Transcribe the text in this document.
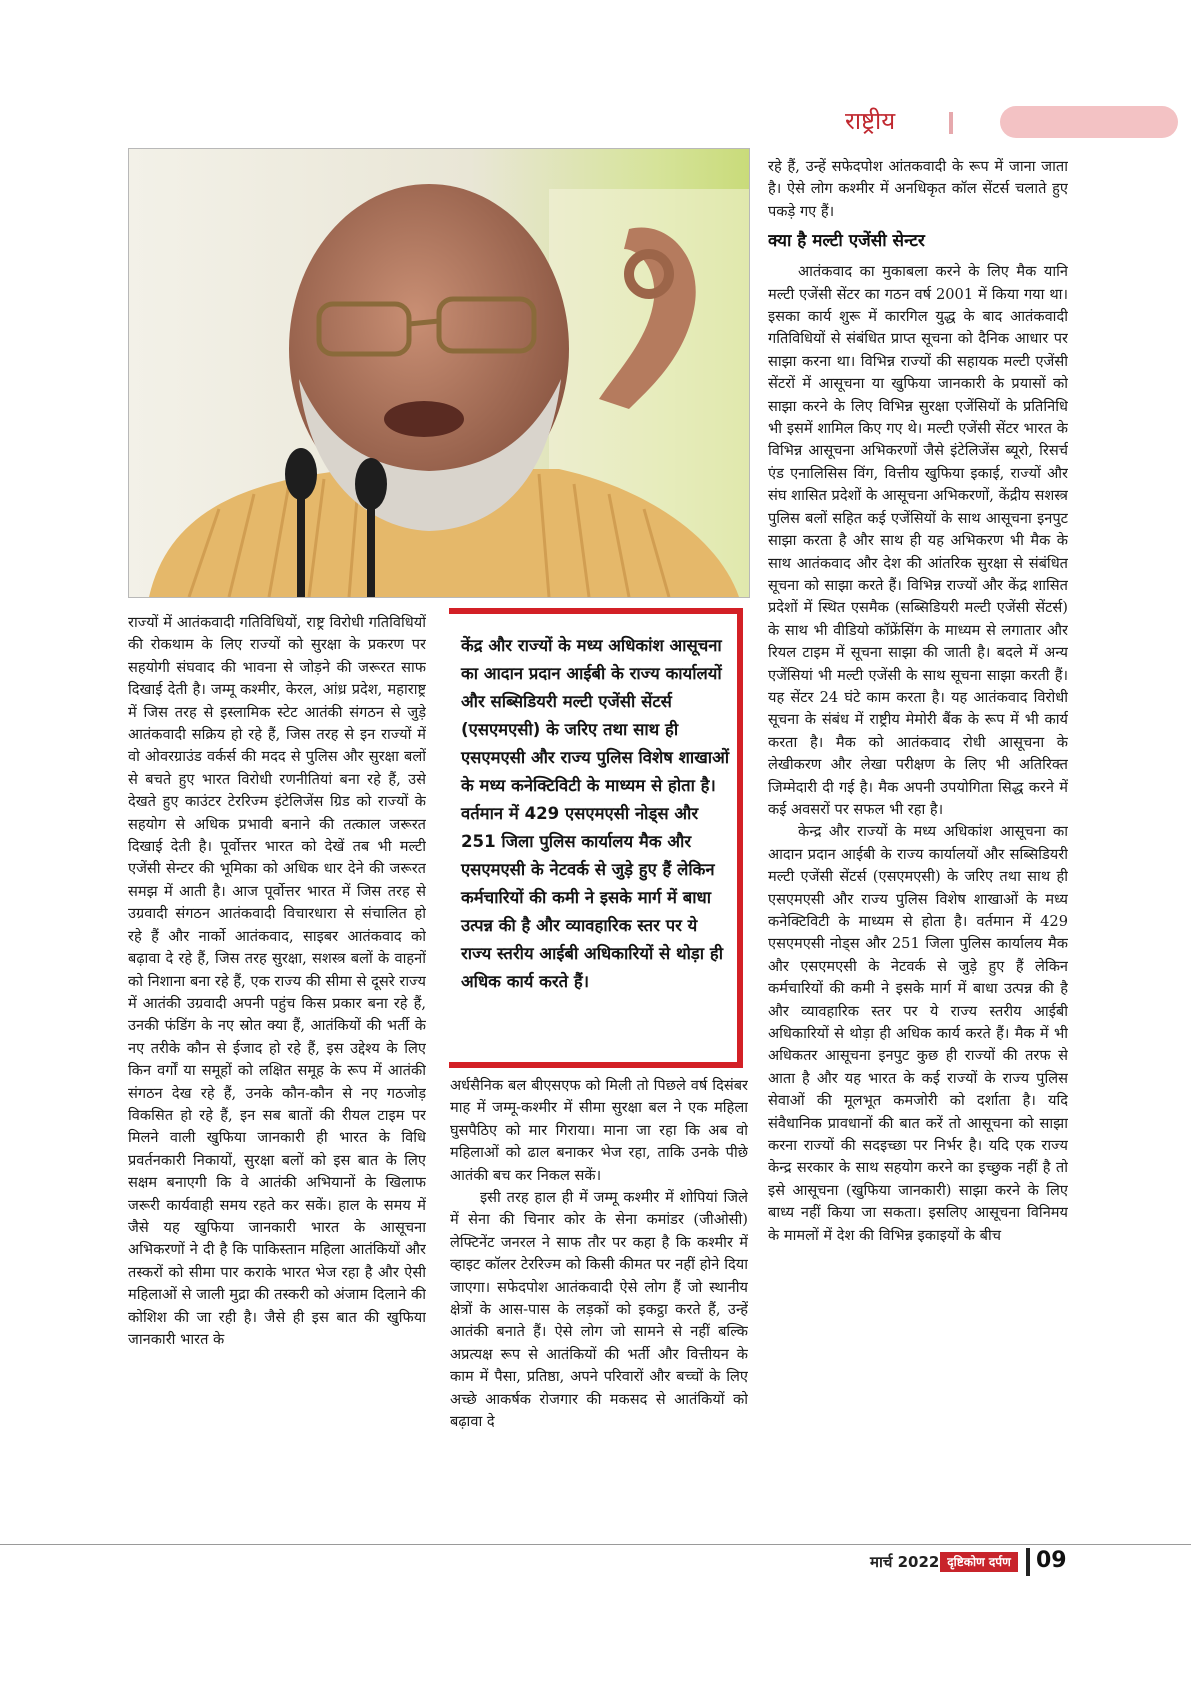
राष्ट्रीय

राज्यों में आतंकवादी गतिविधियों, राष्ट्र विरोधी गतिविधियों की रोकथाम के लिए राज्यों को सुरक्षा के प्रकरण पर सहयोगी संघवाद की भावना से जोड़ने की जरूरत साफ दिखाई देती है। जम्मू कश्मीर, केरल, आंध्र प्रदेश, महाराष्ट्र में जिस तरह से इस्लामिक स्टेट आतंकी संगठन से जुड़े आतंकवादी सक्रिय हो रहे हैं, जिस तरह से इन राज्यों में वो ओवरग्राउंड वर्कर्स की मदद से पुलिस और सुरक्षा बलों से बचते हुए भारत विरोधी रणनीतियां बना रहे हैं, उसे देखते हुए काउंटर टेररिज्म इंटेलिजेंस ग्रिड को राज्यों के सहयोग से अधिक प्रभावी बनाने की तत्काल जरूरत दिखाई देती है। पूर्वोत्तर भारत को देखें तब भी मल्टी एजेंसी सेन्टर की भूमिका को अधिक धार देने की जरूरत समझ में आती है। आज पूर्वोत्तर भारत में जिस तरह से उग्रवादी संगठन आतंकवादी विचारधारा से संचालित हो रहे हैं और नार्को आतंकवाद, साइबर आतंकवाद को बढ़ावा दे रहे हैं, जिस तरह सुरक्षा, सशस्त्र बलों के वाहनों को निशाना बना रहे हैं, एक राज्य की सीमा से दूसरे राज्य में आतंकी उग्रवादी अपनी पहुंच किस प्रकार बना रहे हैं, उनकी फंडिंग के नए स्रोत क्या हैं, आतंकियों की भर्ती के नए तरीके कौन से ईजाद हो रहे हैं, इस उद्देश्य के लिए किन वर्गों या समूहों को लक्षित समूह के रूप में आतंकी संगठन देख रहे हैं, उनके कौन-कौन से नए गठजोड़ विकसित हो रहे हैं, इन सब बातों की रीयल टाइम पर मिलने वाली खुफिया जानकारी ही भारत के विधि प्रवर्तनकारी निकायों, सुरक्षा बलों को इस बात के लिए सक्षम बनाएगी कि वे आतंकी अभियानों के खिलाफ जरूरी कार्यवाही समय रहते कर सकें। हाल के समय में जैसे यह खुफिया जानकारी भारत के आसूचना अभिकरणों ने दी है कि पाकिस्तान महिला आतंकियों और तस्करों को सीमा पार कराके भारत भेज रहा है और ऐसी महिलाओं से जाली मुद्रा की तस्करी को अंजाम दिलाने की कोशिश की जा रही है। जैसे ही इस बात की खुफिया जानकारी भारत के

केंद्र और राज्यों के मध्य अधिकांश आसूचना का आदान प्रदान आईबी के राज्य कार्यालयों और सब्सिडियरी मल्टी एजेंसी सेंटर्स (एसएमएसी) के जरिए तथा साथ ही एसएमएसी और राज्य पुलिस विशेष शाखाओं के मध्य कनेक्टिविटी के माध्यम से होता है। वर्तमान में 429 एसएमएसी नोड्स और 251 जिला पुलिस कार्यालय मैक और एसएमएसी के नेटवर्क से जुड़े हुए हैं लेकिन कर्मचारियों की कमी ने इसके मार्ग में बाधा उत्पन्न की है और व्यावहारिक स्तर पर ये राज्य स्तरीय आईबी अधिकारियों से थोड़ा ही अधिक कार्य करते हैं।

अर्धसैनिक बल बीएसएफ को मिली तो पिछले वर्ष दिसंबर माह में जम्मू-कश्मीर में सीमा सुरक्षा बल ने एक महिला घुसपैठिए को मार गिराया। माना जा रहा कि अब वो महिलाओं को ढाल बनाकर भेज रहा, ताकि उनके पीछे आतंकी बच कर निकल सकें।

इसी तरह हाल ही में जम्मू कश्मीर में शोपियां जिले में सेना की चिनार कोर के सेना कमांडर (जीओसी) लेफ्टिनेंट जनरल ने साफ तौर पर कहा है कि कश्मीर में व्हाइट कॉलर टेररिज्म को किसी कीमत पर नहीं होने दिया जाएगा। सफेदपोश आतंकवादी ऐसे लोग हैं जो स्थानीय क्षेत्रों के आस-पास के लड़कों को इकट्ठा करते हैं, उन्हें आतंकी बनाते हैं। ऐसे लोग जो सामने से नहीं बल्कि अप्रत्यक्ष रूप से आतंकियों की भर्ती और वित्तीयन के काम में पैसा, प्रतिष्ठा, अपने परिवारों और बच्चों के लिए अच्छे आकर्षक रोजगार की मकसद से आतंकियों को बढ़ावा दे

रहे हैं, उन्हें सफेदपोश आंतकवादी के रूप में जाना जाता है। ऐसे लोग कश्मीर में अनधिकृत कॉल सेंटर्स चलाते हुए पकड़े गए हैं।

क्या है मल्टी एजेंसी सेन्टर

आतंकवाद का मुकाबला करने के लिए मैक यानि मल्टी एजेंसी सेंटर का गठन वर्ष 2001 में किया गया था। इसका कार्य शुरू में कारगिल युद्ध के बाद आतंकवादी गतिविधियों से संबंधित प्राप्त सूचना को दैनिक आधार पर साझा करना था। विभिन्न राज्यों की सहायक मल्टी एजेंसी सेंटरों में आसूचना या खुफिया जानकारी के प्रयासों को साझा करने के लिए विभिन्न सुरक्षा एजेंसियों के प्रतिनिधि भी इसमें शामिल किए गए थे। मल्टी एजेंसी सेंटर भारत के विभिन्न आसूचना अभिकरणों जैसे इंटेलिजेंस ब्यूरो, रिसर्च एंड एनालिसिस विंग, वित्तीय खुफिया इकाई, राज्यों और संघ शासित प्रदेशों के आसूचना अभिकरणों, केंद्रीय सशस्त्र पुलिस बलों सहित कई एजेंसियों के साथ आसूचना इनपुट साझा करता है और साथ ही यह अभिकरण भी मैक के साथ आतंकवाद और देश की आंतरिक सुरक्षा से संबंधित सूचना को साझा करते हैं। विभिन्न राज्यों और केंद्र शासित प्रदेशों में स्थित एसमैक (सब्सिडियरी मल्टी एजेंसी सेंटर्स) के साथ भी वीडियो कॉफ्रेंसिंग के माध्यम से लगातार और रियल टाइम में सूचना साझा की जाती है। बदले में अन्य एजेंसियां भी मल्टी एजेंसी के साथ सूचना साझा करती हैं। यह सेंटर 24 घंटे काम करता है। यह आतंकवाद विरोधी सूचना के संबंध में राष्ट्रीय मेमोरी बैंक के रूप में भी कार्य करता है। मैक को आतंकवाद रोधी आसूचना के लेखीकरण और लेखा परीक्षण के लिए भी अतिरिक्त जिम्मेदारी दी गई है। मैक अपनी उपयोगिता सिद्ध करने में कई अवसरों पर सफल भी रहा है।

केन्द्र और राज्यों के मध्य अधिकांश आसूचना का आदान प्रदान आईबी के राज्य कार्यालयों और सब्सिडियरी मल्टी एजेंसी सेंटर्स (एसएमएसी) के जरिए तथा साथ ही एसएमएसी और राज्य पुलिस विशेष शाखाओं के मध्य कनेक्टिविटी के माध्यम से होता है। वर्तमान में 429 एसएमएसी नोड्स और 251 जिला पुलिस कार्यालय मैक और एसएमएसी के नेटवर्क से जुड़े हुए हैं लेकिन कर्मचारियों की कमी ने इसके मार्ग में बाधा उत्पन्न की है और व्यावहारिक स्तर पर ये राज्य स्तरीय आईबी अधिकारियों से थोड़ा ही अधिक कार्य करते हैं। मैक में भी अधिकतर आसूचना इनपुट कुछ ही राज्यों की तरफ से आता है और यह भारत के कई राज्यों के राज्य पुलिस सेवाओं की मूलभूत कमजोरी को दर्शाता है। यदि संवैधानिक प्रावधानों की बात करें तो आसूचना को साझा करना राज्यों की सदइच्छा पर निर्भर है। यदि एक राज्य केन्द्र सरकार के साथ सहयोग करने का इच्छुक नहीं है तो इसे आसूचना (खुफिया जानकारी) साझा करने के लिए बाध्य नहीं किया जा सकता। इसलिए आसूचना विनिमय के मामलों में देश की विभिन्न इकाइयों के बीच

मार्च 2022 दृष्टिकोण दर्पण	09
